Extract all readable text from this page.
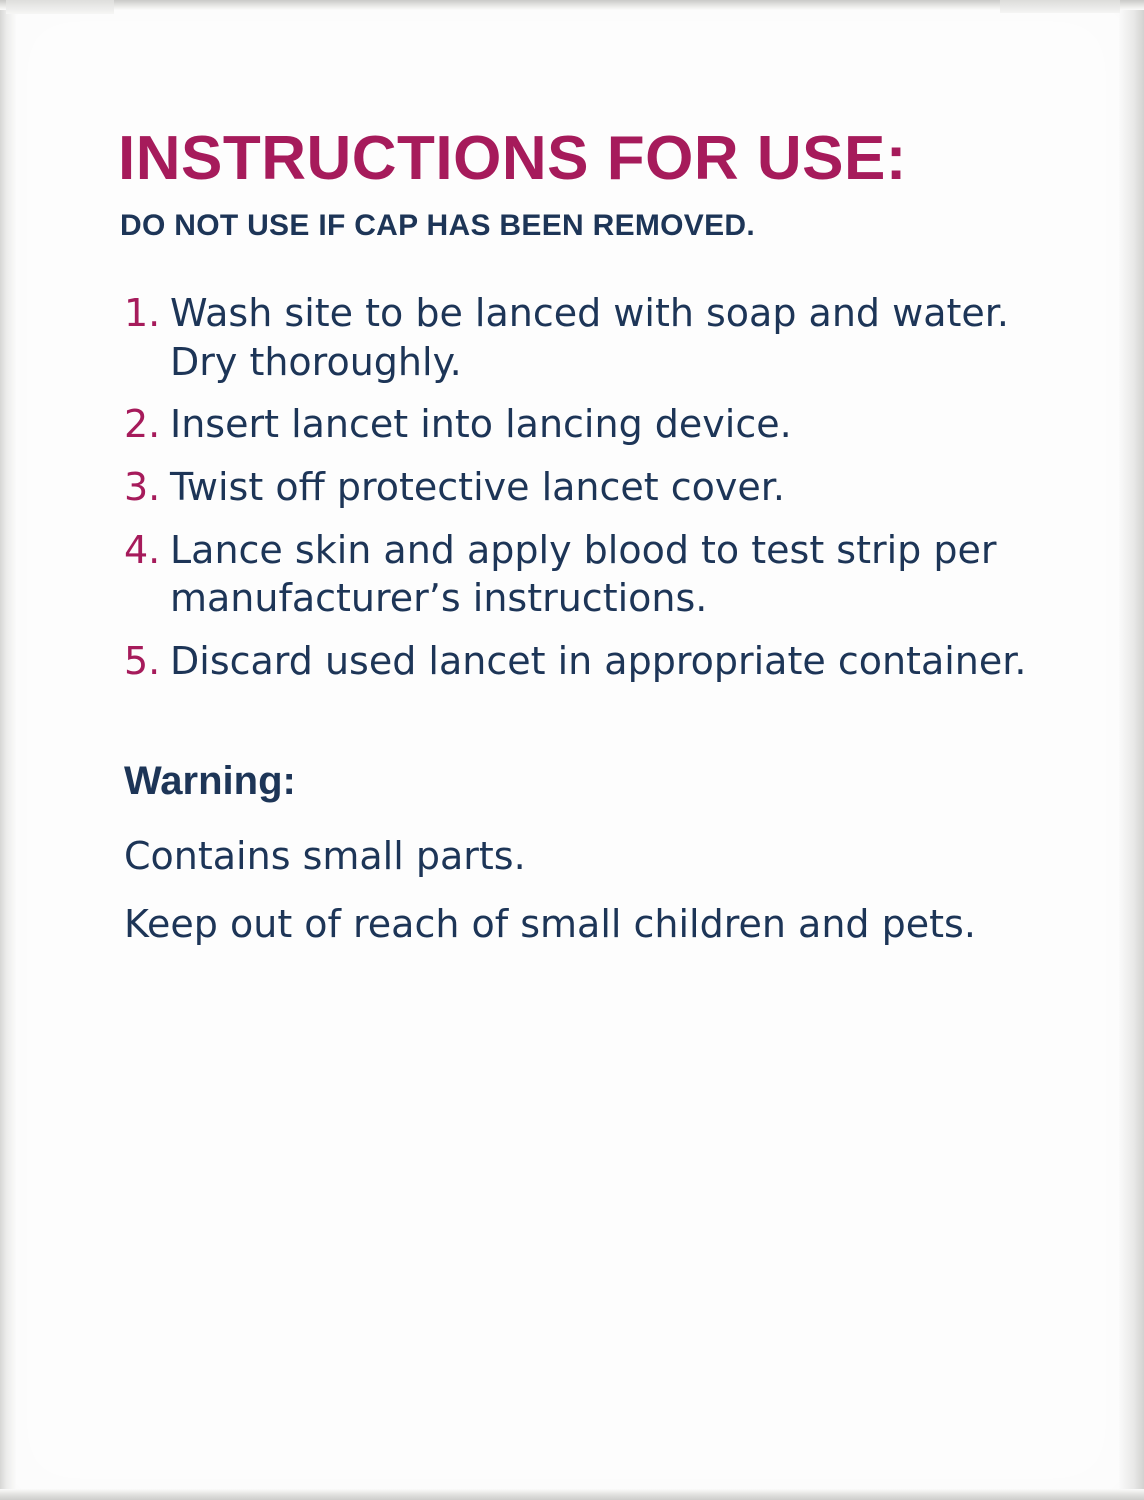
INSTRUCTIONS FOR USE:
DO NOT USE IF CAP HAS BEEN REMOVED.
1. Wash site to be lanced with soap and water. Dry thoroughly.
2. Insert lancet into lancing device.
3. Twist off protective lancet cover.
4. Lance skin and apply blood to test strip per manufacturer’s instructions.
5. Discard used lancet in appropriate container.
Warning:

Contains small parts.

Keep out of reach of small children and pets.
